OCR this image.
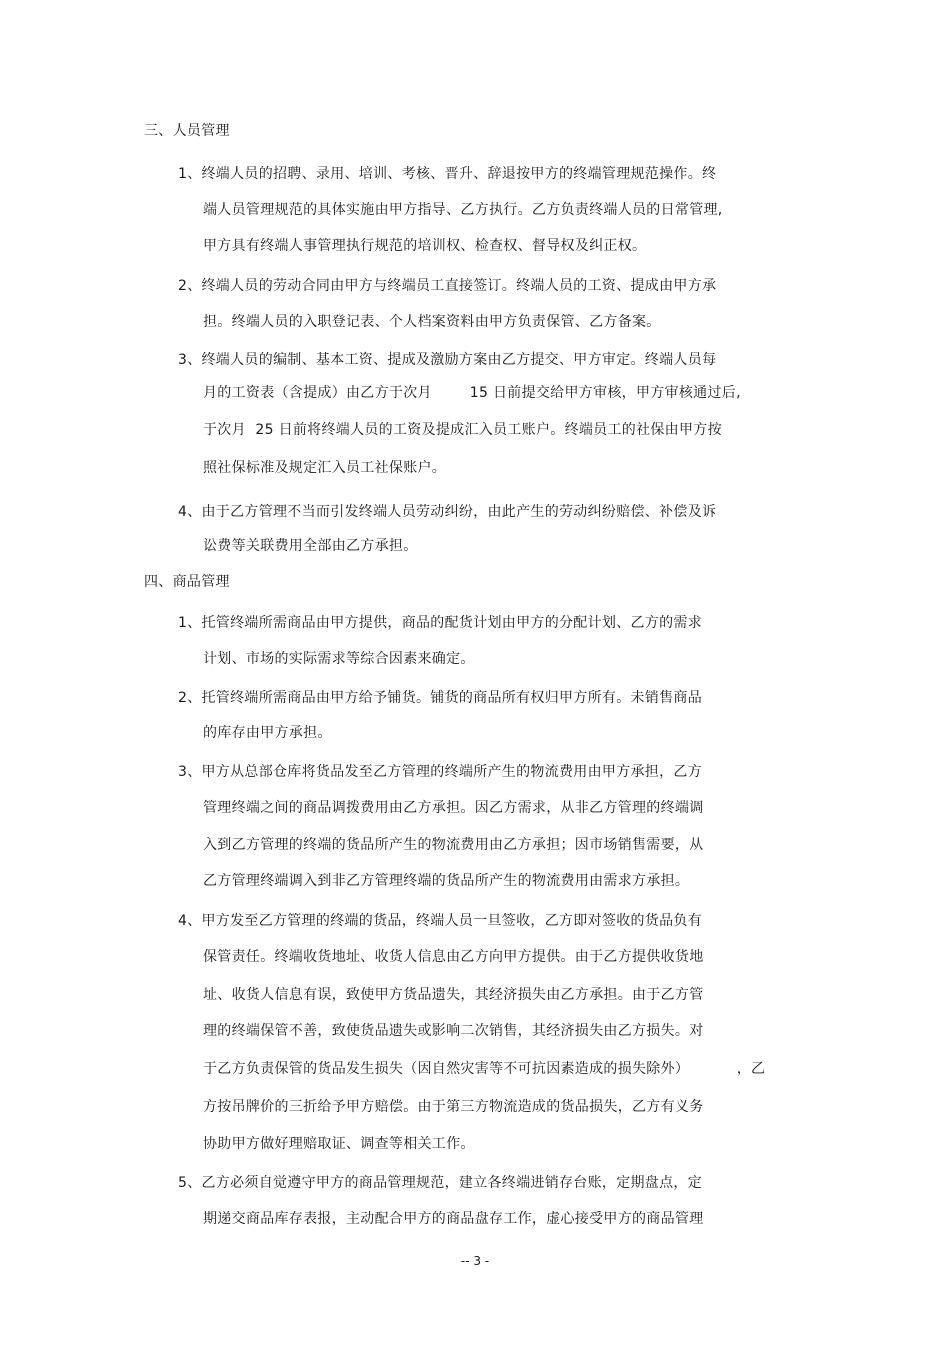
三、人员管理
1、终端人员的招聘、录用、培训、考核、晋升、辞退按甲方的终端管理规范操作。终
端人员管理规范的具体实施由甲方指导、乙方执行。乙方负责终端人员的日常管理,
甲方具有终端人事管理执行规范的培训权、检查权、督导权及纠正权。
2、终端人员的劳动合同由甲方与终端员工直接签订。终端人员的工资、提成由甲方承
担。终端人员的入职登记表、个人档案资料由甲方负责保管、乙方备案。
3、终端人员的编制、基本工资、提成及激励方案由乙方提交、甲方审定。终端人员每
月的工资表（含提成）由乙方于次月        15 日前提交给甲方审核，甲方审核通过后,
于次月  25 日前将终端人员的工资及提成汇入员工账户。终端员工的社保由甲方按
照社保标准及规定汇入员工社保账户。
4、由于乙方管理不当而引发终端人员劳动纠纷，由此产生的劳动纠纷赔偿、补偿及诉
讼费等关联费用全部由乙方承担。
四、商品管理
1、托管终端所需商品由甲方提供，商品的配货计划由甲方的分配计划、乙方的需求
计划、市场的实际需求等综合因素来确定。
2、托管终端所需商品由甲方给予铺货。铺货的商品所有权归甲方所有。未销售商品
的库存由甲方承担。
3、甲方从总部仓库将货品发至乙方管理的终端所产生的物流费用由甲方承担，乙方
管理终端之间的商品调拨费用由乙方承担。因乙方需求，从非乙方管理的终端调
入到乙方管理的终端的货品所产生的物流费用由乙方承担；因市场销售需要，从
乙方管理终端调入到非乙方管理终端的货品所产生的物流费用由需求方承担。
4、甲方发至乙方管理的终端的货品，终端人员一旦签收，乙方即对签收的货品负有
保管责任。终端收货地址、收货人信息由乙方向甲方提供。由于乙方提供收货地
址、收货人信息有误，致使甲方货品遗失，其经济损失由乙方承担。由于乙方管
理的终端保管不善，致使货品遗失或影响二次销售，其经济损失由乙方损失。对
于乙方负责保管的货品发生损失（因自然灾害等不可抗因素造成的损失除外）          ，乙
方按吊牌价的三折给予甲方赔偿。由于第三方物流造成的货品损失，乙方有义务
协助甲方做好理赔取证、调查等相关工作。
5、乙方必须自觉遵守甲方的商品管理规范，建立各终端进销存台账，定期盘点，定
期递交商品库存表报，主动配合甲方的商品盘存工作，虚心接受甲方的商品管理
-- 3 -
